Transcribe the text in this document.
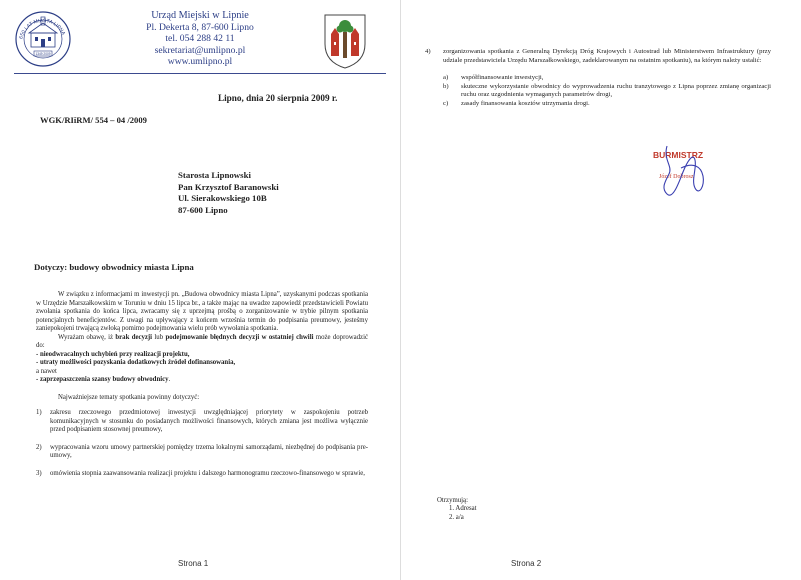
1349 2009
650 LAT MIASTA LIPNA
Urząd Miejski w Lipnie
Pl. Dekerta 8, 87-600 Lipno
tel. 054 288 42 11
sekretariat@umlipno.pl
www.umlipno.pl
Lipno, dnia 20 sierpnia 2009 r.
WGK/RIiRM/ 554 – 04 /2009
Starosta Lipnowski
Pan Krzysztof Baranowski
Ul. Sierakowskiego 10B
87-600 Lipno
Dotyczy: budowy obwodnicy miasta Lipna

W związku z informacjami m inwestycji pn. „Budowa obwodnicy miasta Lipna”, uzyskanymi podczas spotkania w Urzędzie Marszałkowskim w Toruniu w dniu 15 lipca br., a także mając na uwadze zapowiedź przedstawicieli Powiatu zwołania spotkania do końca lipca, zwracamy się z uprzejmą prośbą o zorganizowanie w trybie pilnym spotkania potencjalnych beneficjentów. Z uwagi na upływający z końcem września termin do podpisania preumowy, jesteśmy zaniepokojeni trwającą zwłoką pomimo podejmowania wielu prób wywołania spotkania.

Wyrażam obawę, iż brak decyzji lub podejmowanie błędnych decyzji w ostatniej chwili może doprowadzić do:

- nieodwracalnych uchybień przy realizacji projektu,

- utraty możliwości pozyskania dodatkowych źródeł dofinansowania,

a nawet

- zaprzepaszczenia szansy budowy obwodnicy.

Najważniejsze tematy spotkania powinny dotyczyć:

1)	zakresu rzeczowego przedmiotowej inwestycji uwzględniającej priorytety w zaspokojeniu potrzeb komunikacyjnych w stosunku do posiadanych możliwości finansowych, których zmiana jest możliwa wyłącznie przed podpisaniem stosownej preumowy,
2)	wypracowania wzoru umowy partnerskiej pomiędzy trzema lokalnymi samorządami, niezbędnej do podpisania pre-umowy,
3)	omówienia stopnia zaawansowania realizacji projektu i dalszego harmonogramu rzeczowo-finansowego w sprawie,
Strona 1
4)	zorganizowania spotkania z Generalną Dyrekcją Dróg Krajowych i Autostrad lub Ministerstwem Infrastruktury (przy udziale przedstawiciela Urzędu Marszałkowskiego, zadeklarowanym na ostatnim spotkaniu), na którym należy ustalić:
a)	współfinansowanie inwestycji,
b)	skuteczne wykorzystanie obwodnicy do wyprowadzenia ruchu tranzytowego z Lipna poprzez zmianę organizacji ruchu oraz uzgodnienia wymaganych parametrów drogi,
c)	zasady finansowania kosztów utrzymania drogi.
BURMISTRZ
Józef Dobrosz
Otrzymują:
1. Adresat
2. a/a
Strona 2
